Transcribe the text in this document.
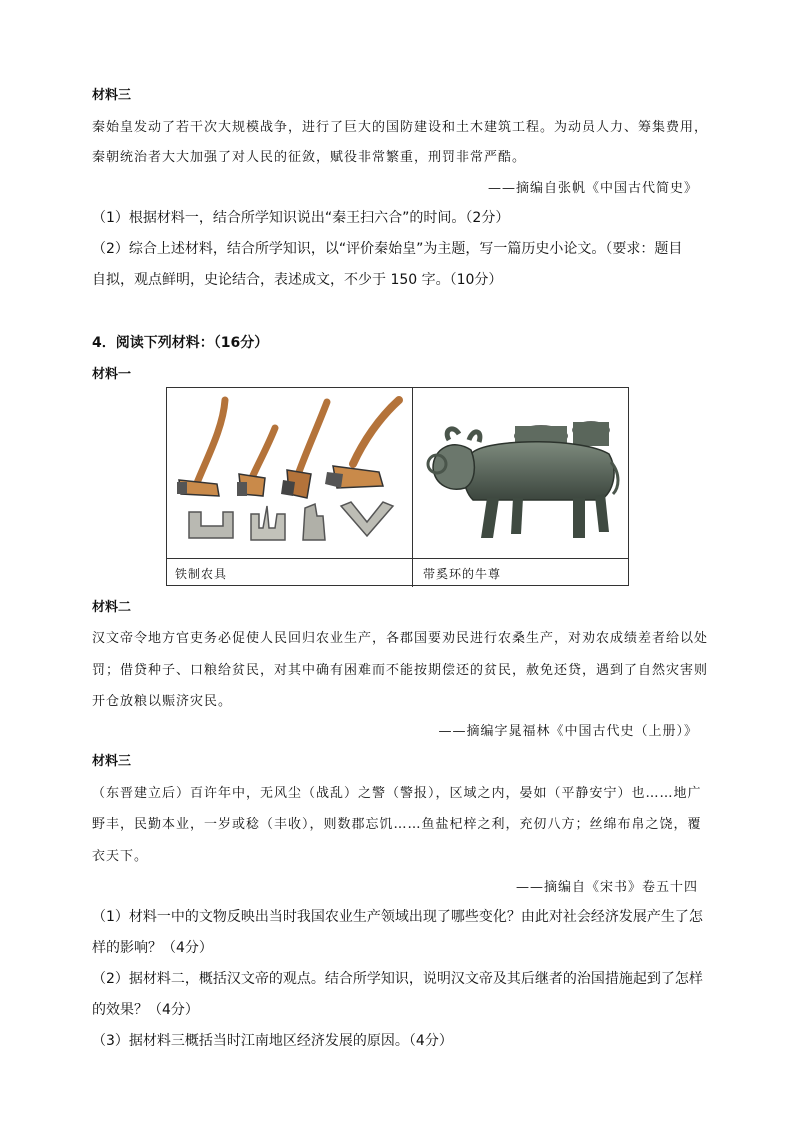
材料三
秦始皇发动了若干次大规模战争，进行了巨大的国防建设和土木建筑工程。为动员人力、筹集费用，
秦朝统治者大大加强了对人民的征敛，赋役非常繁重，刑罚非常严酷。
——摘编自张帆《中国古代简史》
（1）根据材料一，结合所学知识说出“秦王扫六合”的时间。（2分）
（2）综合上述材料，结合所学知识，以“评价秦始皇”为主题，写一篇历史小论文。（要求：题目
自拟，观点鲜明，史论结合，表述成文，不少于 150 字。（10分）
4．阅读下列材料：（16分）
材料一
铁制农具	带奚环的牛尊
材料二
汉文帝令地方官吏务必促使人民回归农业生产，各郡国要劝民进行农桑生产，对劝农成绩差者给以处
罚；借贷种子、口粮给贫民，对其中确有困难而不能按期偿还的贫民，赦免还贷，遇到了自然灾害则
开仓放粮以赈济灾民。
——摘编字晁福林《中国古代史（上册）》
材料三
（东晋建立后）百许年中，无风尘（战乱）之警（警报），区域之内，晏如（平静安宁）也……地广
野丰，民勤本业，一岁或稔（丰收），则数郡忘饥……鱼盐杞梓之利，充仞八方；丝绵布帛之饶，覆
衣天下。
——摘编自《宋书》卷五十四
（1）材料一中的文物反映出当时我国农业生产领域出现了哪些变化？由此对社会经济发展产生了怎
样的影响？（4分）
（2）据材料二，概括汉文帝的观点。结合所学知识，说明汉文帝及其后继者的治国措施起到了怎样
的效果？（4分）
（3）据材料三概括当时江南地区经济发展的原因。（4分）
